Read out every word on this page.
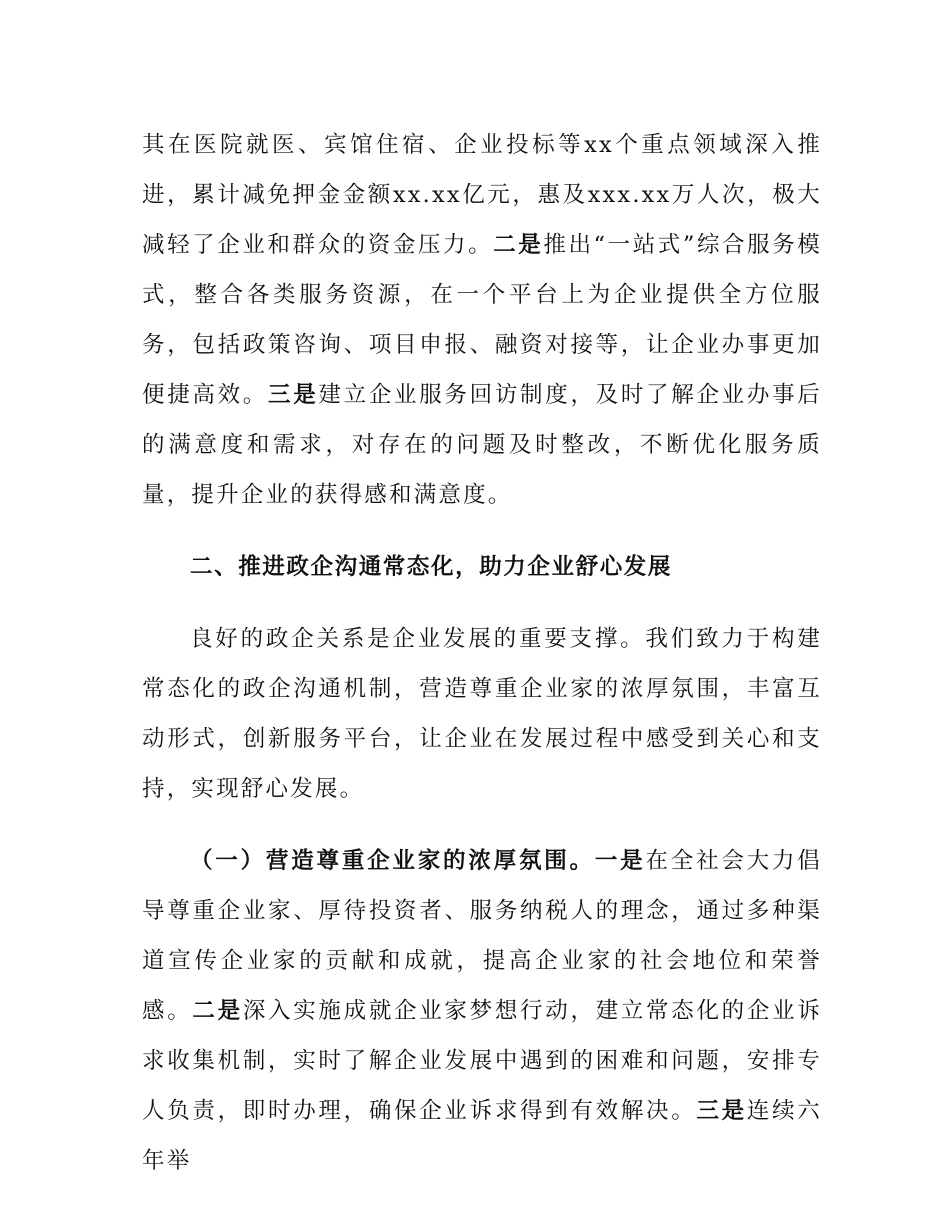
其在医院就医、宾馆住宿、企业投标等xx个重点领域深入推进，累计减免押金金额xx.xx亿元，惠及xxx.xx万人次，极大减轻了企业和群众的资金压力。二是推出“一站式”综合服务模式，整合各类服务资源，在一个平台上为企业提供全方位服务，包括政策咨询、项目申报、融资对接等，让企业办事更加便捷高效。三是建立企业服务回访制度，及时了解企业办事后的满意度和需求，对存在的问题及时整改，不断优化服务质量，提升企业的获得感和满意度。

二、推进政企沟通常态化，助力企业舒心发展

良好的政企关系是企业发展的重要支撑。我们致力于构建常态化的政企沟通机制，营造尊重企业家的浓厚氛围，丰富互动形式，创新服务平台，让企业在发展过程中感受到关心和支持，实现舒心发展。

（一）营造尊重企业家的浓厚氛围。一是在全社会大力倡导尊重企业家、厚待投资者、服务纳税人的理念，通过多种渠道宣传企业家的贡献和成就，提高企业家的社会地位和荣誉感。二是深入实施成就企业家梦想行动，建立常态化的企业诉求收集机制，实时了解企业发展中遇到的困难和问题，安排专人负责，即时办理，确保企业诉求得到有效解决。三是连续六年举
